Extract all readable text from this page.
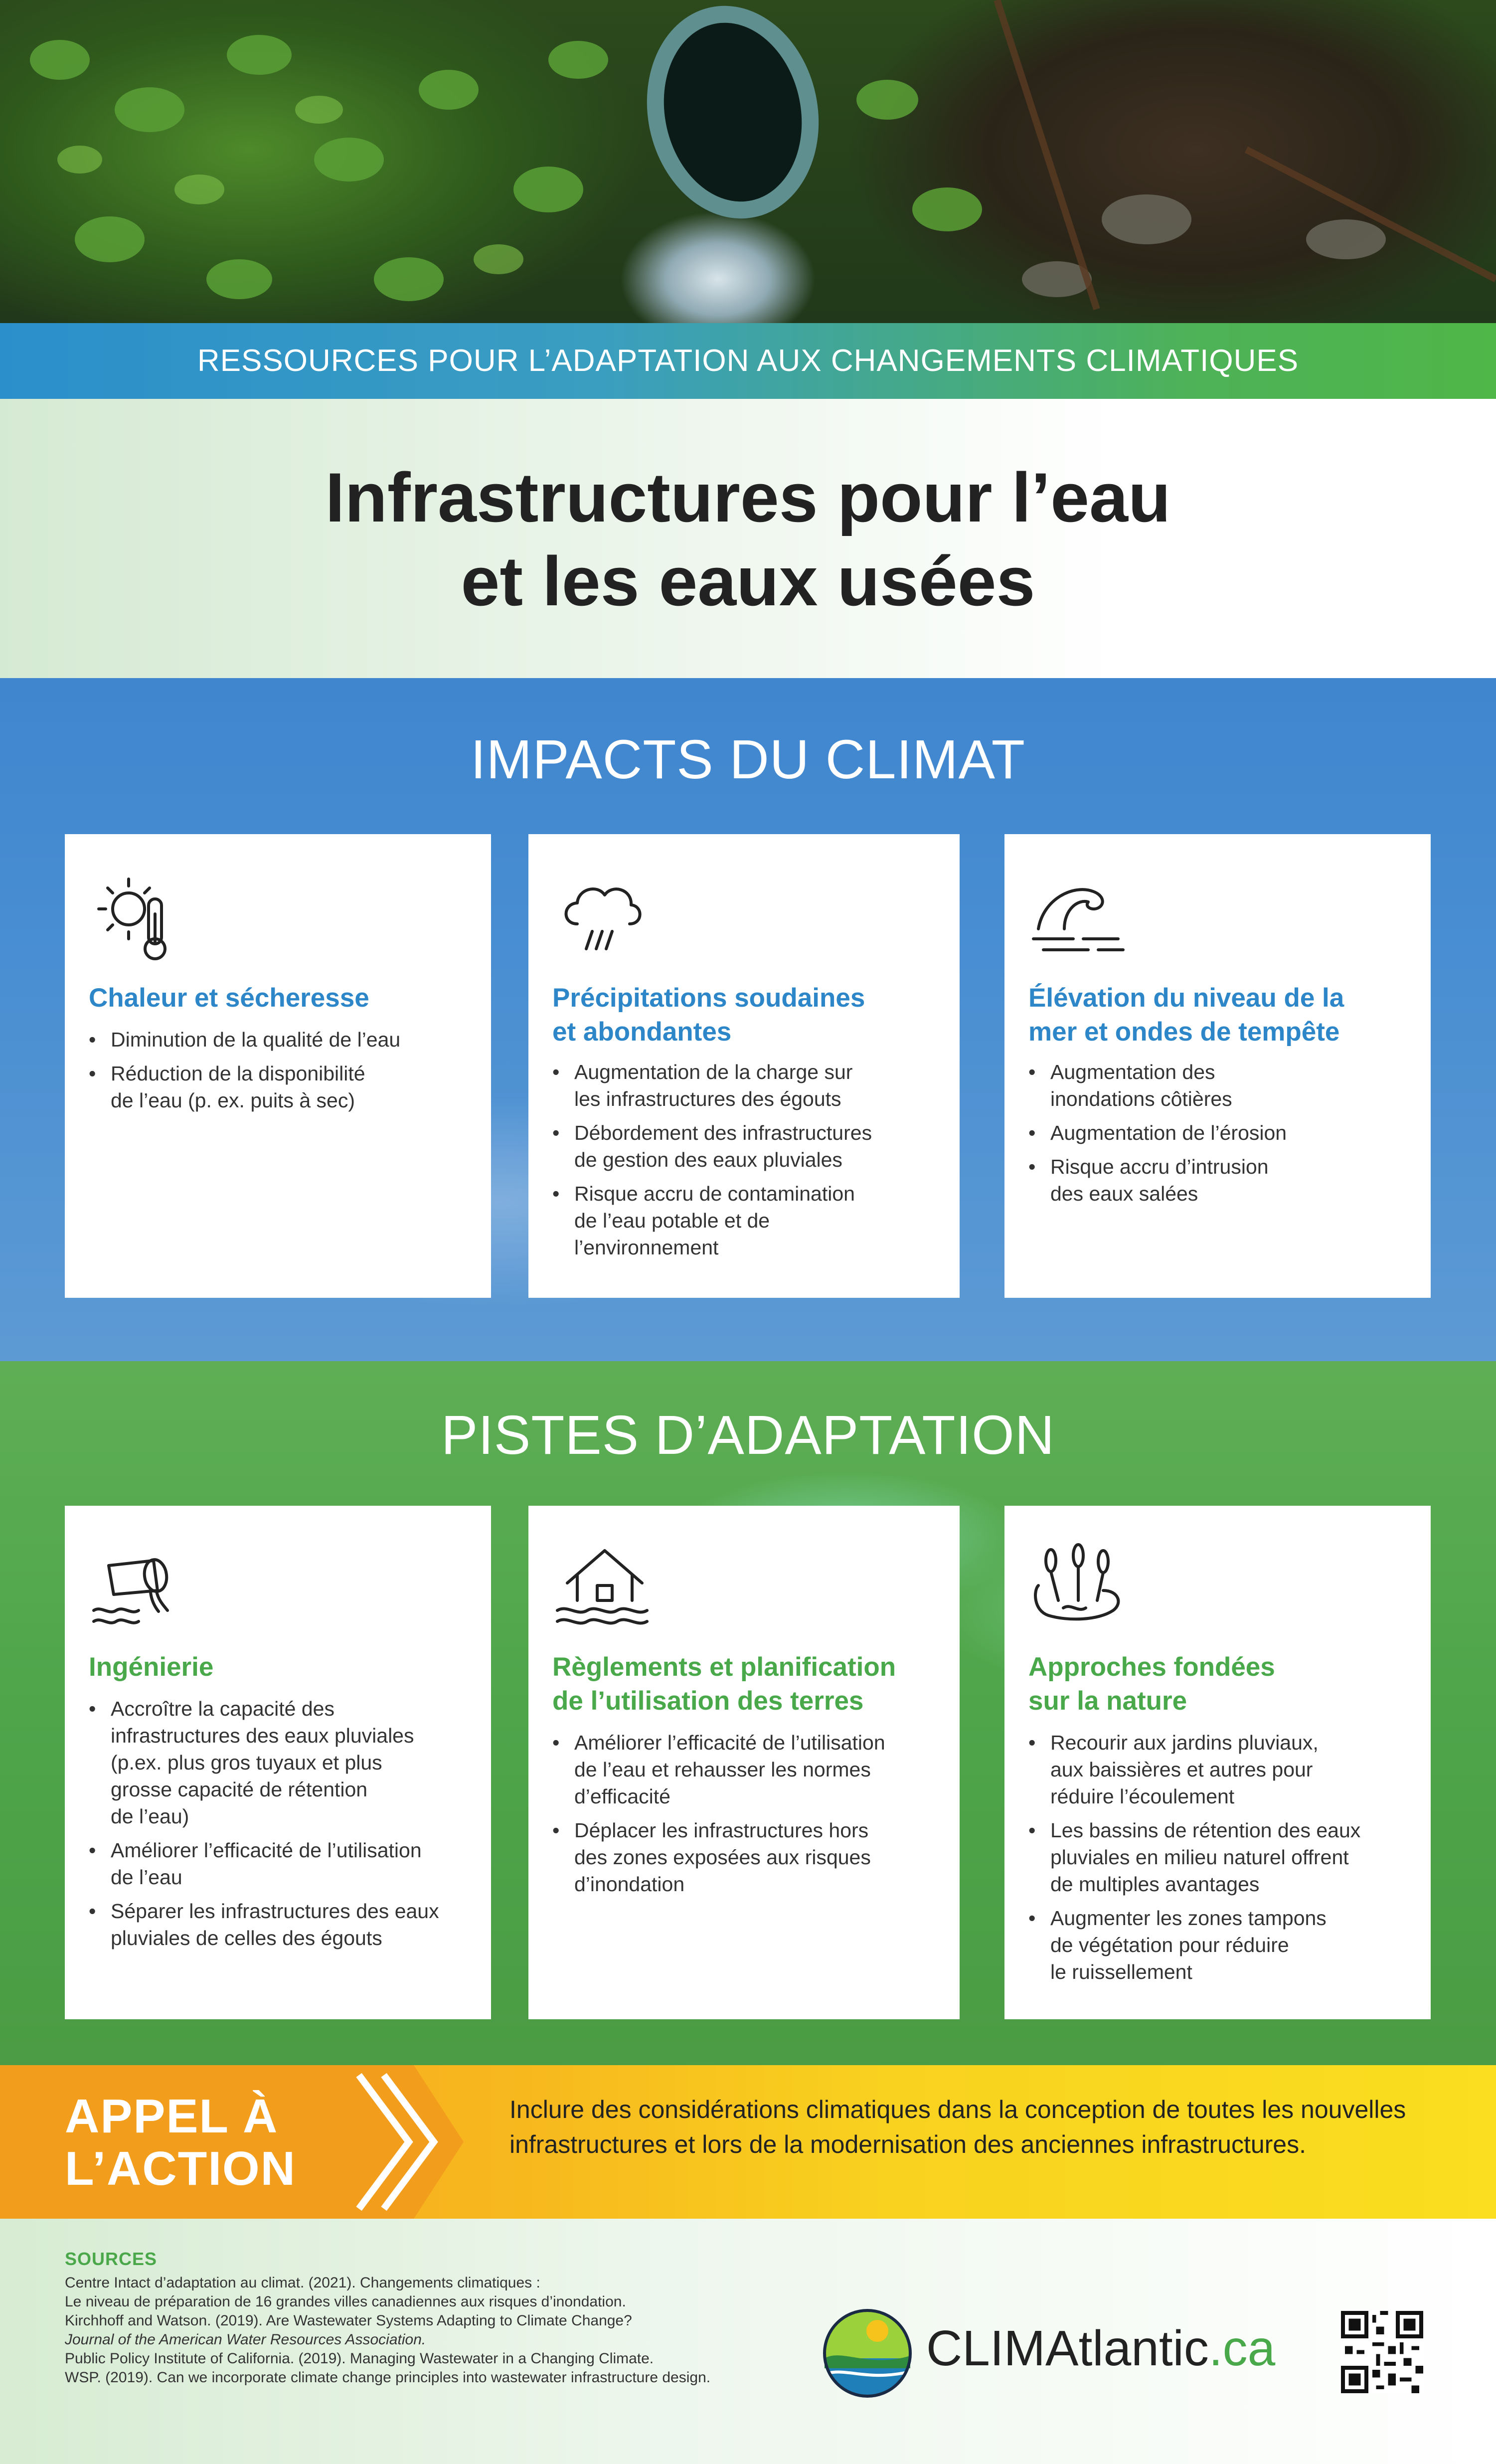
RESSOURCES POUR L’ADAPTATION AUX CHANGEMENTS CLIMATIQUES
Infrastructures pour l’eau
et les eaux usées
IMPACTS DU CLIMAT
Chaleur et sécheresse
• Diminution de la qualité de l’eau
• Réduction de la disponibilité
de l’eau (p. ex. puits à sec)
Précipitations soudaines
et abondantes
• Augmentation de la charge sur
les infrastructures des égouts
• Débordement des infrastructures
de gestion des eaux pluviales
• Risque accru de contamination
de l’eau potable et de
l’environnement
Élévation du niveau de la
mer et ondes de tempête
• Augmentation des
inondations côtières
• Augmentation de l’érosion
• Risque accru d’intrusion
des eaux salées
PISTES D’ADAPTATION
Ingénierie
• Accroître la capacité des
infrastructures des eaux pluviales
(p.ex. plus gros tuyaux et plus
grosse capacité de rétention
de l’eau)
• Améliorer l’efficacité de l’utilisation
de l’eau
• Séparer les infrastructures des eaux
pluviales de celles des égouts
Règlements et planification
de l’utilisation des terres
• Améliorer l’efficacité de l’utilisation
de l’eau et rehausser les normes
d’efficacité
• Déplacer les infrastructures hors
des zones exposées aux risques
d’inondation
Approches fondées
sur la nature
• Recourir aux jardins pluviaux,
aux baissières et autres pour
réduire l’écoulement
• Les bassins de rétention des eaux
pluviales en milieu naturel offrent
de multiples avantages
• Augmenter les zones tampons
de végétation pour réduire
le ruissellement
APPEL À
L’ACTION
Inclure des considérations climatiques dans la conception de toutes les nouvelles infrastructures et lors de la modernisation des anciennes infrastructures.
SOURCES
Centre Intact d’adaptation au climat. (2021). Changements climatiques :
Le niveau de préparation de 16 grandes villes canadiennes aux risques d’inondation.
Kirchhoff and Watson. (2019). Are Wastewater Systems Adapting to Climate Change?
Journal of the American Water Resources Association.
Public Policy Institute of California. (2019). Managing Wastewater in a Changing Climate.
WSP. (2019). Can we incorporate climate change principles into wastewater infrastructure design.
CLIMAtlantic.ca
